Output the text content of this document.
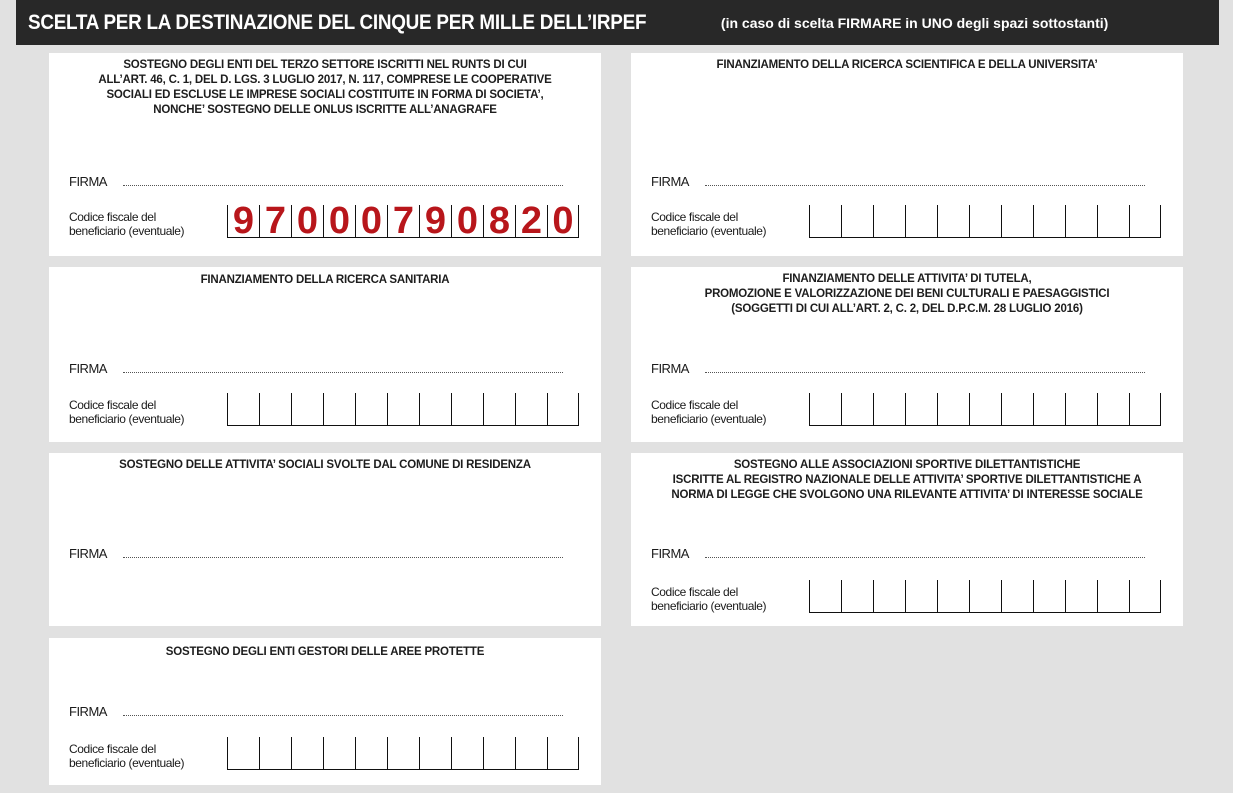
SCELTA PER LA DESTINAZIONE DEL CINQUE PER MILLE DELL’IRPEF	(in caso di scelta FIRMARE in UNO degli spazi sottostanti)
SOSTEGNO DEGLI ENTI DEL TERZO SETTORE ISCRITTI NEL RUNTS DI CUI
ALL’ART. 46, C. 1, DEL D. LGS. 3 LUGLIO 2017, N. 117, COMPRESE LE COOPERATIVE
SOCIALI ED ESCLUSE LE IMPRESE SOCIALI COSTITUITE IN FORMA DI SOCIETA’,
NONCHE’ SOSTEGNO DELLE ONLUS ISCRITTE ALL’ANAGRAFE
FIRMA
Codice fiscale del
beneficiario (eventuale)	9 7 0 0 0 7 9 0 8 2 0
FINANZIAMENTO DELLA RICERCA SCIENTIFICA E DELLA UNIVERSITA’
FIRMA
Codice fiscale del
beneficiario (eventuale)
FINANZIAMENTO DELLA RICERCA SANITARIA
FIRMA
Codice fiscale del
beneficiario (eventuale)
FINANZIAMENTO DELLE ATTIVITA’ DI TUTELA,
PROMOZIONE E VALORIZZAZIONE DEI BENI CULTURALI E PAESAGGISTICI
(SOGGETTI DI CUI ALL’ART. 2, C. 2, DEL D.P.C.M. 28 LUGLIO 2016)
FIRMA
Codice fiscale del
beneficiario (eventuale)
SOSTEGNO DELLE ATTIVITA’ SOCIALI SVOLTE DAL COMUNE DI RESIDENZA
FIRMA
SOSTEGNO ALLE ASSOCIAZIONI SPORTIVE DILETTANTISTICHE
ISCRITTE AL REGISTRO NAZIONALE DELLE ATTIVITA’ SPORTIVE DILETTANTISTICHE A
NORMA DI LEGGE CHE SVOLGONO UNA RILEVANTE ATTIVITA’ DI INTERESSE SOCIALE
FIRMA
Codice fiscale del
beneficiario (eventuale)
SOSTEGNO DEGLI ENTI GESTORI DELLE AREE PROTETTE
FIRMA
Codice fiscale del
beneficiario (eventuale)
